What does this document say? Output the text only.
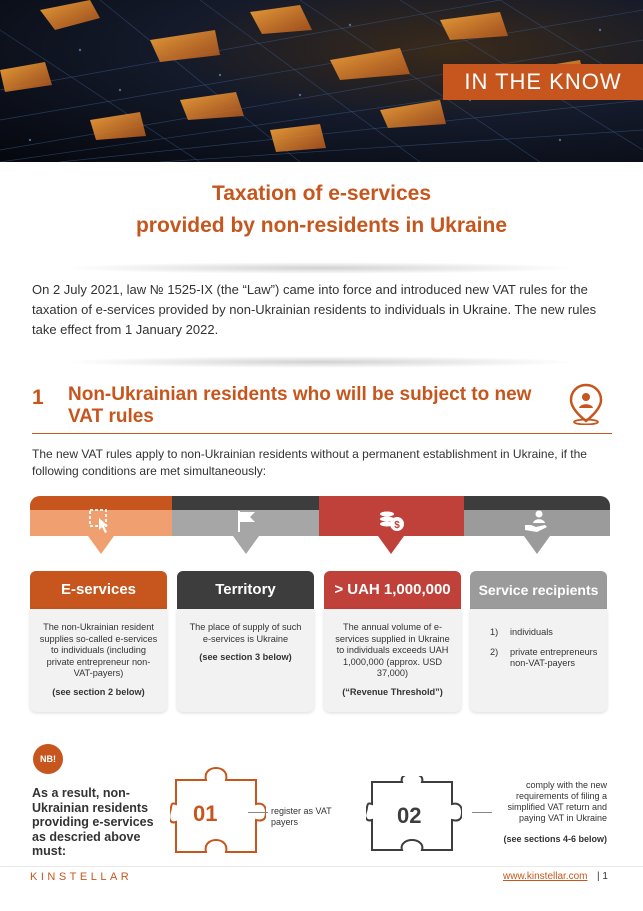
IN THE KNOW
Taxation of e-services
provided by non-residents in Ukraine

On 2 July 2021, law № 1525-IX (the “Law”) came into force and introduced new VAT rules for the taxation of e-services provided by non-Ukrainian residents to individuals in Ukraine. The new rules take effect from 1 January 2022.

1 Non-Ukrainian residents who will be subject to new VAT rules

The new VAT rules apply to non-Ukrainian residents without a permanent establishment in Ukraine, if the following conditions are met simultaneously:

$
E-services
The non-Ukrainian resident supplies so-called e-services to individuals (including private entrepreneur non-VAT-payers)
(see section 2 below)
Territory
The place of supply of such e-services is Ukraine
(see section 3 below)
> UAH 1,000,000
The annual volume of e-services supplied in Ukraine to individuals exceeds UAH 1,000,000 (approx. USD 37,000)
(“Revenue Threshold”)
Service recipients
1)	individuals
2)	private entrepreneurs non-VAT-payers
NB!
As a result, non-Ukrainian residents providing e-services as descried above must:
01	register as VAT payers	02
comply with the new requirements of filing a simplified VAT return and paying VAT in Ukraine
(see sections 4-6 below)
KINSTELLAR	www.kinstellar.com | 1
